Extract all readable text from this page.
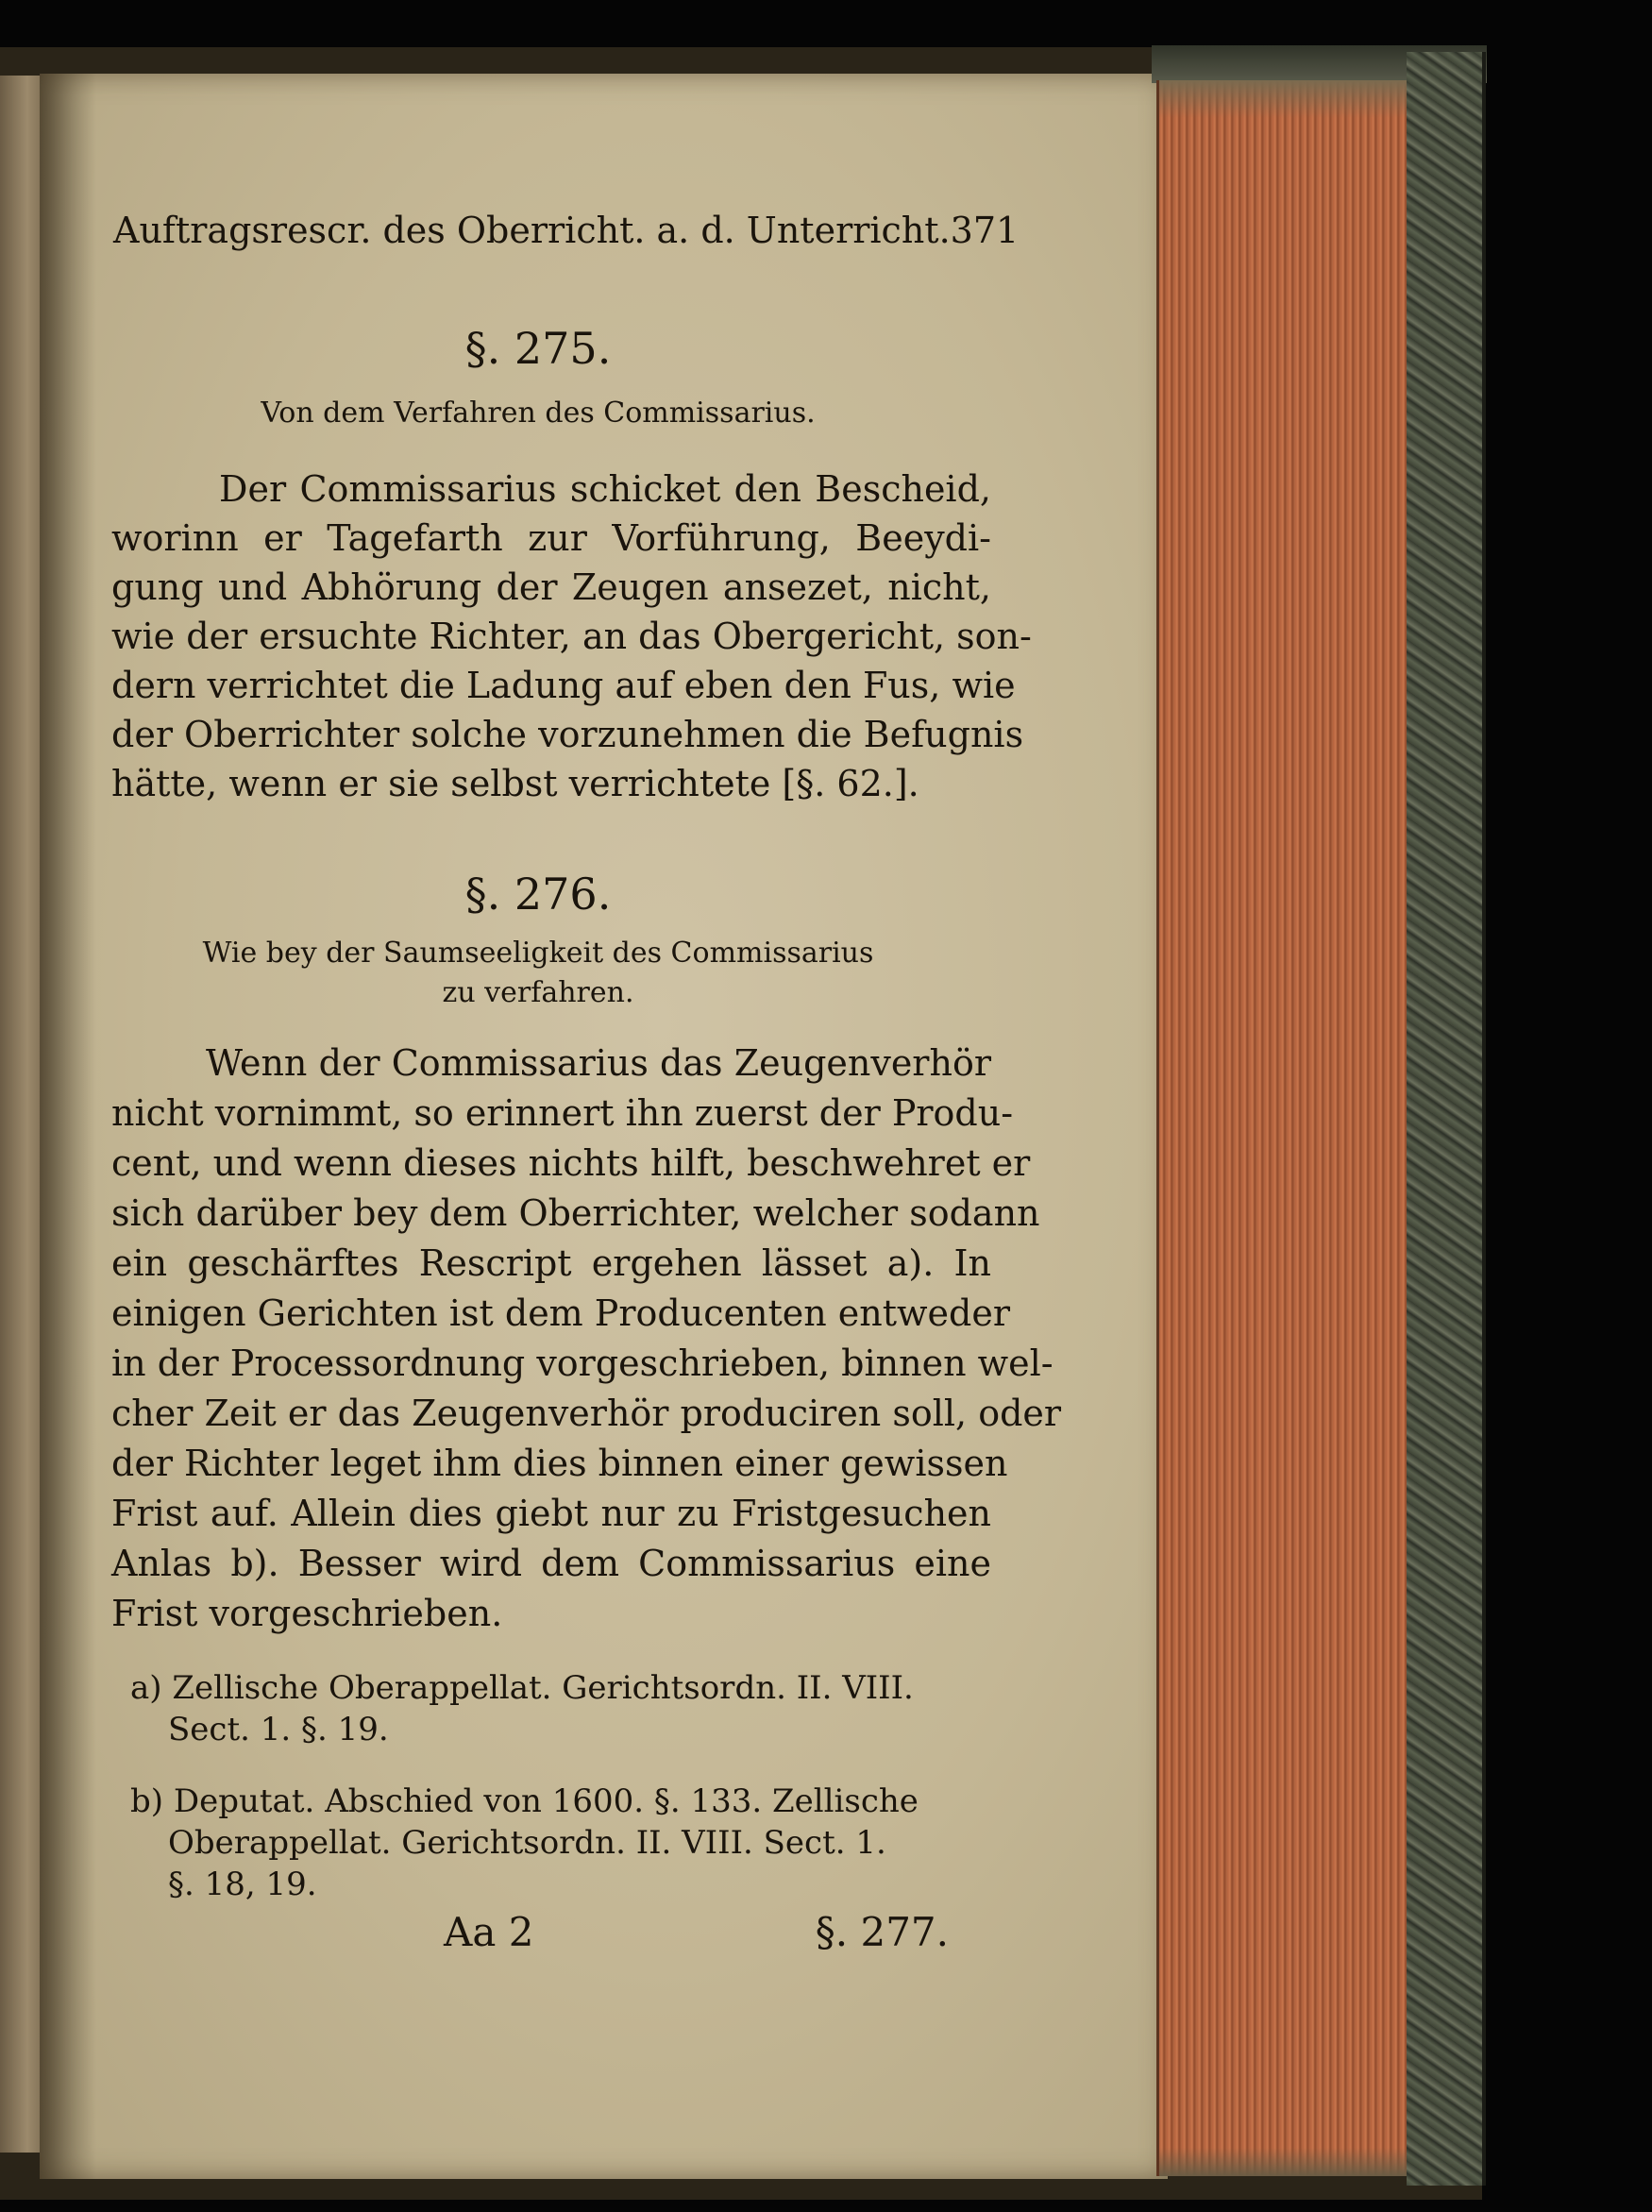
Auftragsrescr. des Oberricht. a. d. Unterricht. 371
§. 275.
Von dem Verfahren des Commissarius.
Der Commissarius schicket den Bescheid,
worinn er Tagefarth zur Vorführung, Beeydi-
gung und Abhörung der Zeugen ansezet, nicht,
wie der ersuchte Richter, an das Obergericht, son-
dern verrichtet die Ladung auf eben den Fus, wie
der Oberrichter solche vorzunehmen die Befugnis
hätte, wenn er sie selbst verrichtete [§. 62.].
§. 276.
Wie bey der Saumseeligkeit des Commissarius
zu verfahren.
Wenn der Commissarius das Zeugenverhör
nicht vornimmt, so erinnert ihn zuerst der Produ-
cent, und wenn dieses nichts hilft, beschwehret er
sich darüber bey dem Oberrichter, welcher sodann
ein geschärftes Rescript ergehen lässet a). In
einigen Gerichten ist dem Producenten entweder
in der Processordnung vorgeschrieben, binnen wel-
cher Zeit er das Zeugenverhör produciren soll, oder
der Richter leget ihm dies binnen einer gewissen
Frist auf. Allein dies giebt nur zu Fristgesuchen
Anlas b). Besser wird dem Commissarius eine
Frist vorgeschrieben.
a) Zellische Oberappellat. Gerichtsordn. II. VIII.
Sect. 1. §. 19.
b) Deputat. Abschied von 1600. §. 133. Zellische
Oberappellat. Gerichtsordn. II. VIII. Sect. 1.
§. 18, 19.
Aa 2	§. 277.
